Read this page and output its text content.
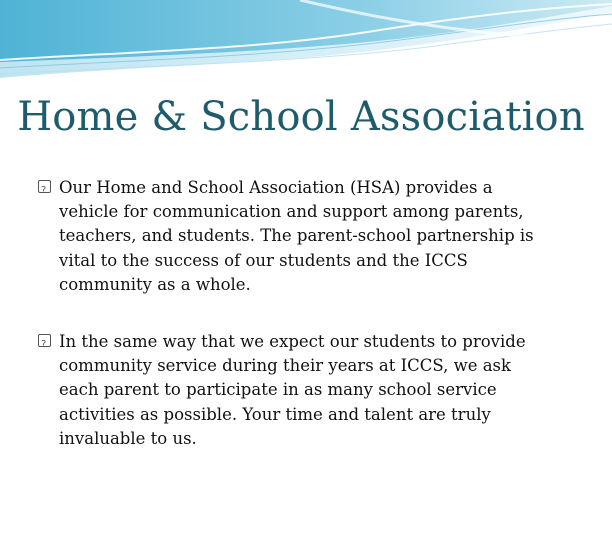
Home & School Association
?
Our Home and School Association (HSA) provides a
vehicle for communication and support among parents,
teachers, and students. The parent-school partnership is
vital to the success of our students and the ICCS
community as a whole.
?
In the same way that we expect our students to provide
community service during their years at ICCS, we ask
each parent to participate in as many school service
activities as possible. Your time and talent are truly
invaluable to us.
